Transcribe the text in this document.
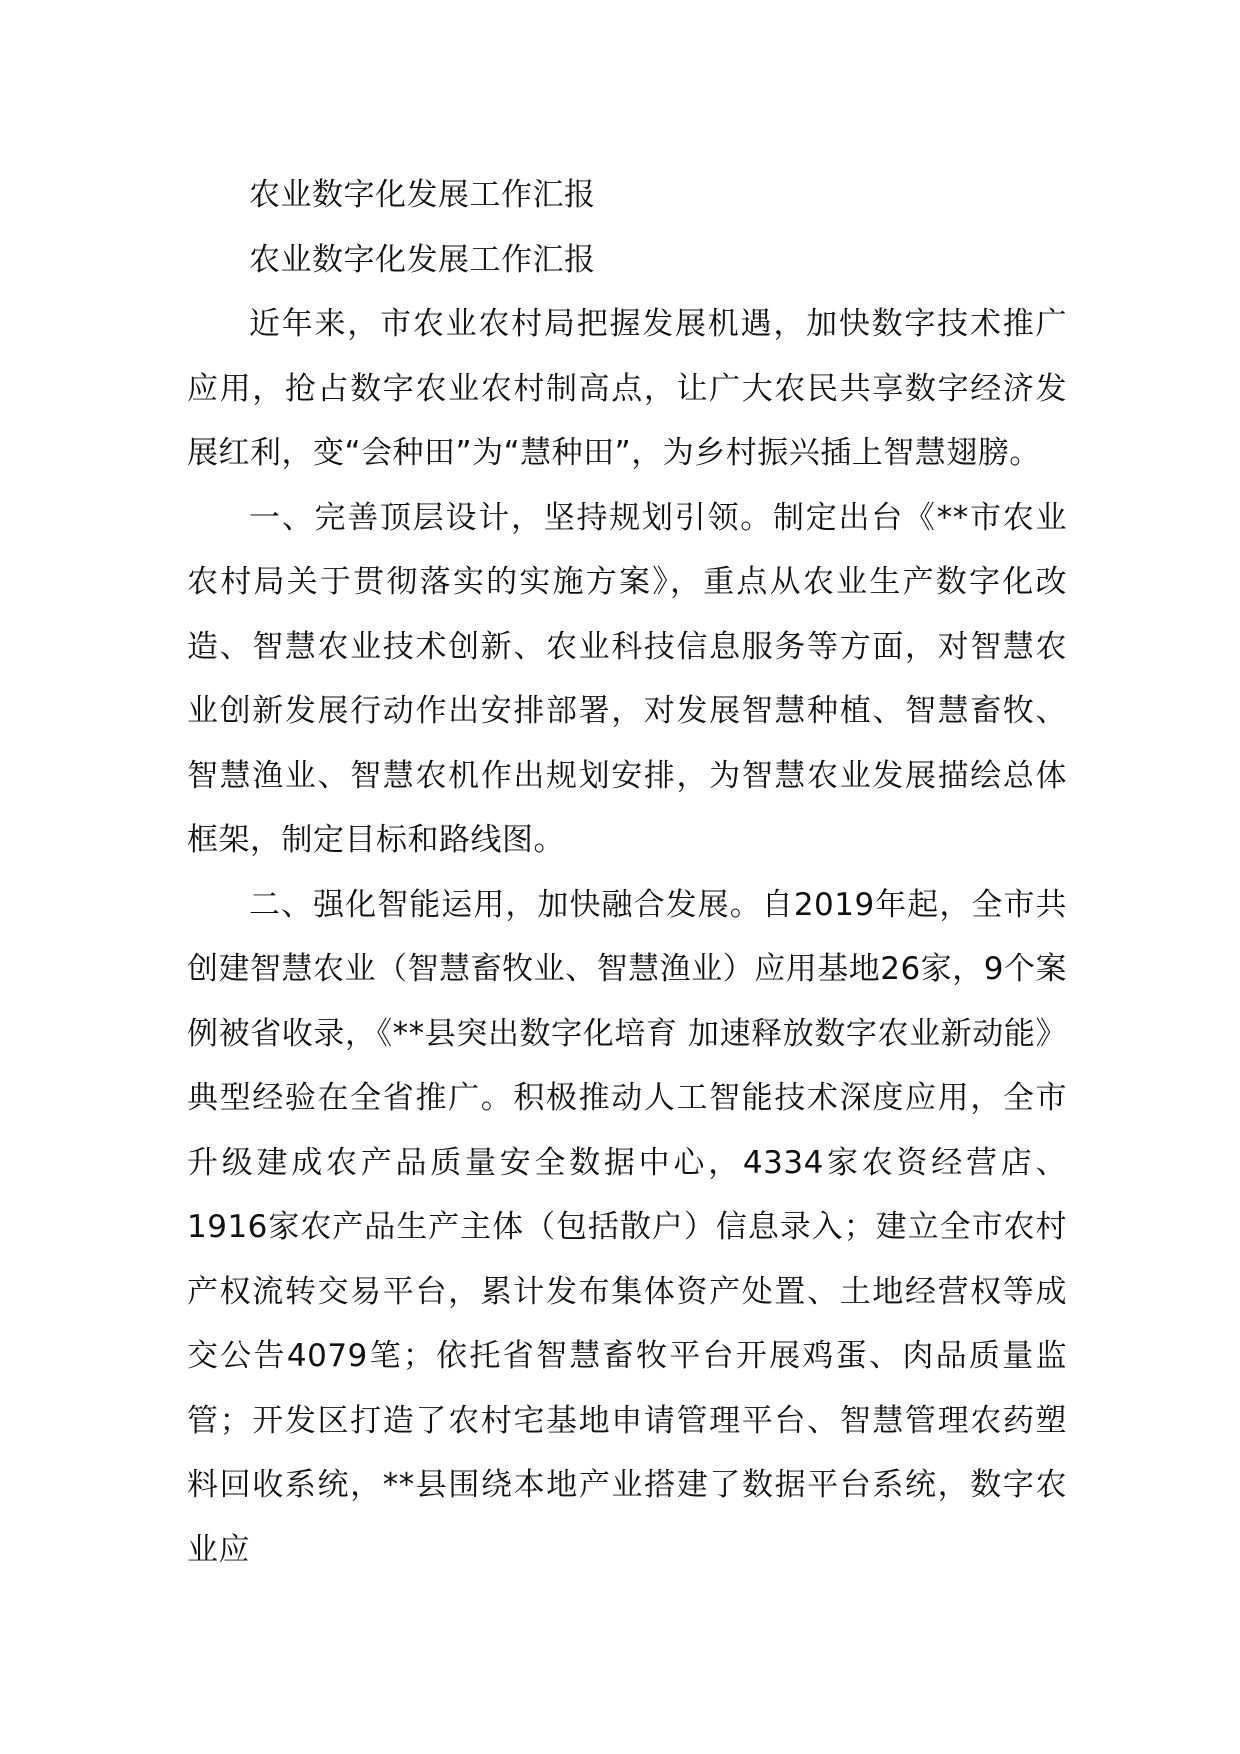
农业数字化发展工作汇报

农业数字化发展工作汇报

近年来，市农业农村局把握发展机遇，加快数字技术推广应用，抢占数字农业农村制高点，让广大农民共享数字经济发展红利，变“会种田”为“慧种田”，为乡村振兴插上智慧翅膀。

一、完善顶层设计，坚持规划引领。制定出台《**市农业农村局关于贯彻落实的实施方案》，重点从农业生产数字化改造、智慧农业技术创新、农业科技信息服务等方面，对智慧农业创新发展行动作出安排部署，对发展智慧种植、智慧畜牧、智慧渔业、智慧农机作出规划安排，为智慧农业发展描绘总体框架，制定目标和路线图。

二、强化智能运用，加快融合发展。自2019年起，全市共创建智慧农业（智慧畜牧业、智慧渔业）应用基地26家，9个案例被省收录，《**县突出数字化培育 加速释放数字农业新动能》典型经验在全省推广。积极推动人工智能技术深度应用，全市升级建成农产品质量安全数据中心，4334家农资经营店、1916家农产品生产主体（包括散户）信息录入；建立全市农村产权流转交易平台，累计发布集体资产处置、土地经营权等成交公告4079笔；依托省智慧畜牧平台开展鸡蛋、肉品质量监管；开发区打造了农村宅基地申请管理平台、智慧管理农药塑料回收系统，**县围绕本地产业搭建了数据平台系统，数字农业应
